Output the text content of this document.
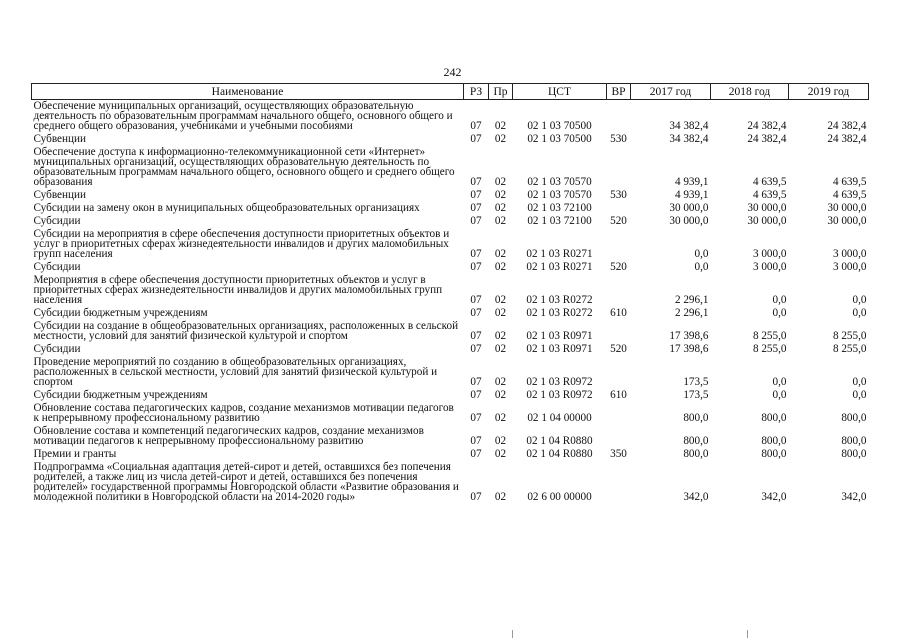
242
Наименование	РЗ	Пр	ЦСТ	ВР	2017 год	2018 год	2019 год
Обеспечение муниципальных организаций, осуществляющих образовательную деятельность по образовательным программам начального общего, основного общего и среднего общего образования, учебниками и учебными пособиями	07	02	02 1 03 70500		34 382,4	24 382,4	24 382,4
Субвенции	07	02	02 1 03 70500	530	34 382,4	24 382,4	24 382,4
Обеспечение доступа к информационно-телекоммуникационной сети «Интернет» муниципальных организаций, осуществляющих образовательную деятельность по образовательным программам начального общего, основного общего и среднего общего образования	07	02	02 1 03 70570		4 939,1	4 639,5	4 639,5
Субвенции	07	02	02 1 03 70570	530	4 939,1	4 639,5	4 639,5
Субсидии на замену окон в муниципальных общеобразовательных организациях	07	02	02 1 03 72100		30 000,0	30 000,0	30 000,0
Субсидии	07	02	02 1 03 72100	520	30 000,0	30 000,0	30 000,0
Субсидии на мероприятия в сфере обеспечения доступности приоритетных объектов и услуг в приоритетных сферах жизнедеятельности инвалидов и других маломобильных групп населения	07	02	02 1 03 R0271		0,0	3 000,0	3 000,0
Субсидии	07	02	02 1 03 R0271	520	0,0	3 000,0	3 000,0
Мероприятия в сфере обеспечения доступности приоритетных объектов и услуг в приоритетных сферах жизнедеятельности инвалидов и других маломобильных групп населения	07	02	02 1 03 R0272		2 296,1	0,0	0,0
Субсидии бюджетным учреждениям	07	02	02 1 03 R0272	610	2 296,1	0,0	0,0
Субсидии на создание в общеобразовательных организациях, расположенных в сельской местности, условий для занятий физической культурой и спортом	07	02	02 1 03 R0971		17 398,6	8 255,0	8 255,0
Субсидии	07	02	02 1 03 R0971	520	17 398,6	8 255,0	8 255,0
Проведение мероприятий по созданию в общеобразовательных организациях, расположенных в сельской местности, условий для занятий физической культурой и спортом	07	02	02 1 03 R0972		173,5	0,0	0,0
Субсидии бюджетным учреждениям	07	02	02 1 03 R0972	610	173,5	0,0	0,0
Обновление состава педагогических кадров, создание механизмов мотивации педагогов к непрерывному профессиональному развитию	07	02	02 1 04 00000		800,0	800,0	800,0
Обновление состава и компетенций педагогических кадров, создание механизмов мотивации педагогов к непрерывному профессиональному развитию	07	02	02 1 04 R0880		800,0	800,0	800,0
Премии и гранты	07	02	02 1 04 R0880	350	800,0	800,0	800,0
Подпрограмма «Социальная адаптация детей-сирот и детей, оставшихся без попечения родителей, а также лиц из числа детей-сирот и детей, оставшихся без попечения родителей» государственной программы Новгородской области «Развитие образования и молодежной политики в Новгородской области на 2014-2020 годы»	07	02	02 6 00 00000		342,0	342,0	342,0
